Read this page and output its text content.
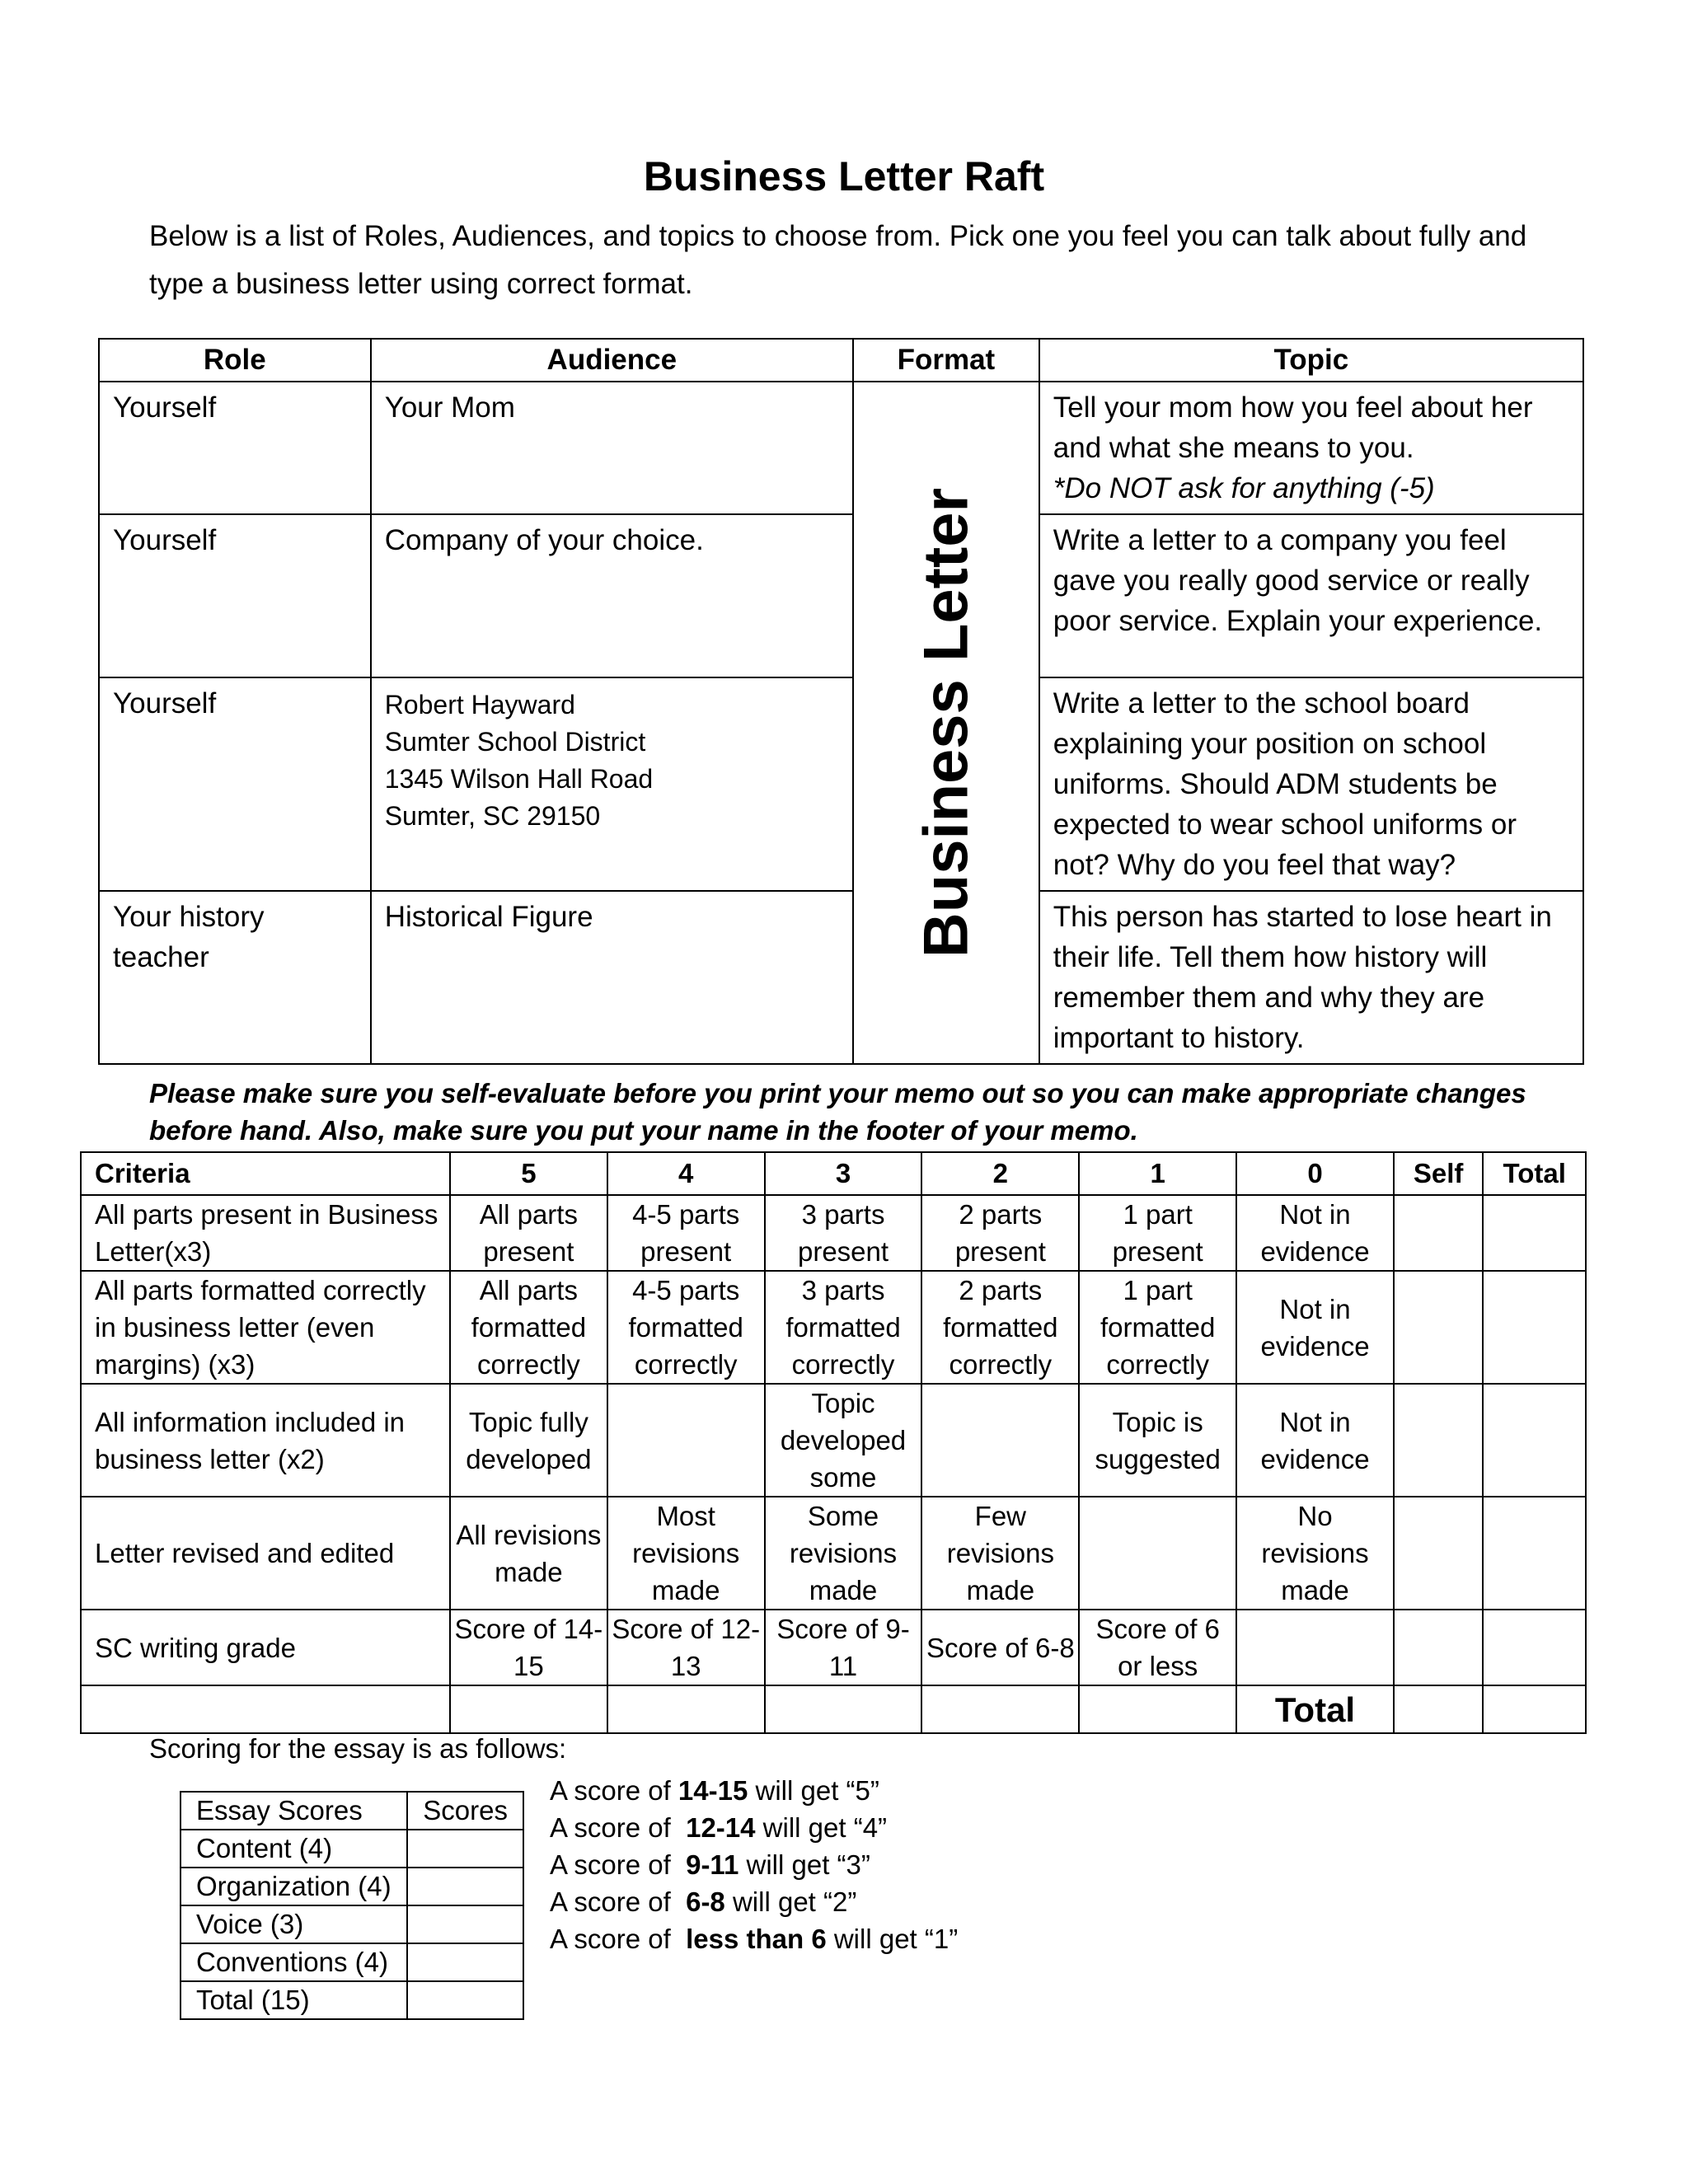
Business Letter Raft
Below is a list of Roles, Audiences, and topics to choose from. Pick one you feel you can talk about fully and type a business letter using correct format.
Role	Audience	Format	Topic
Yourself	Your Mom	Business Letter	Tell your mom how you feel about her and what she means to you.
*Do NOT ask for anything (-5)
Yourself	Company of your choice.		Write a letter to a company you feel gave you really good service or really poor service. Explain your experience.
Yourself	Robert Hayward
Sumter School District
1345 Wilson Hall Road
Sumter, SC 29150		Write a letter to the school board explaining your position on school uniforms. Should ADM students be expected to wear school uniforms or not? Why do you feel that way?
Your history teacher	Historical Figure		This person has started to lose heart in their life. Tell them how history will remember them and why they are important to history.
Please make sure you self-evaluate before you print your memo out so you can make appropriate changes before hand. Also, make sure you put your name in the footer of your memo.
Criteria	5	4	3	2	1	0	Self	Total
All parts present in Business Letter(x3)	All parts present	4-5 parts present	3 parts present	2 parts present	1 part present	Not in evidence		
All parts formatted correctly in business letter (even margins) (x3)	All parts formatted correctly	4-5 parts formatted correctly	3 parts formatted correctly	2 parts formatted correctly	1 part formatted correctly	Not in evidence		
All information included in business letter (x2)	Topic fully developed		Topic developed some		Topic is suggested	Not in evidence		
Letter revised and edited	All revisions made	Most revisions made	Some revisions made	Few revisions made		No revisions made		
SC writing grade	Score of 14-15	Score of 12-13	Score of 9-11	Score of 6-8	Score of 6 or less			
						Total		
Scoring for the essay is as follows:
Essay Scores	Scores
Content (4)	
Organization (4)	
Voice (3)	
Conventions (4)	
Total (15)	
A score of 14-15 will get “5”
A score of  12-14 will get “4”
A score of  9-11 will get “3”
A score of  6-8 will get “2”
A score of  less than 6 will get “1”
